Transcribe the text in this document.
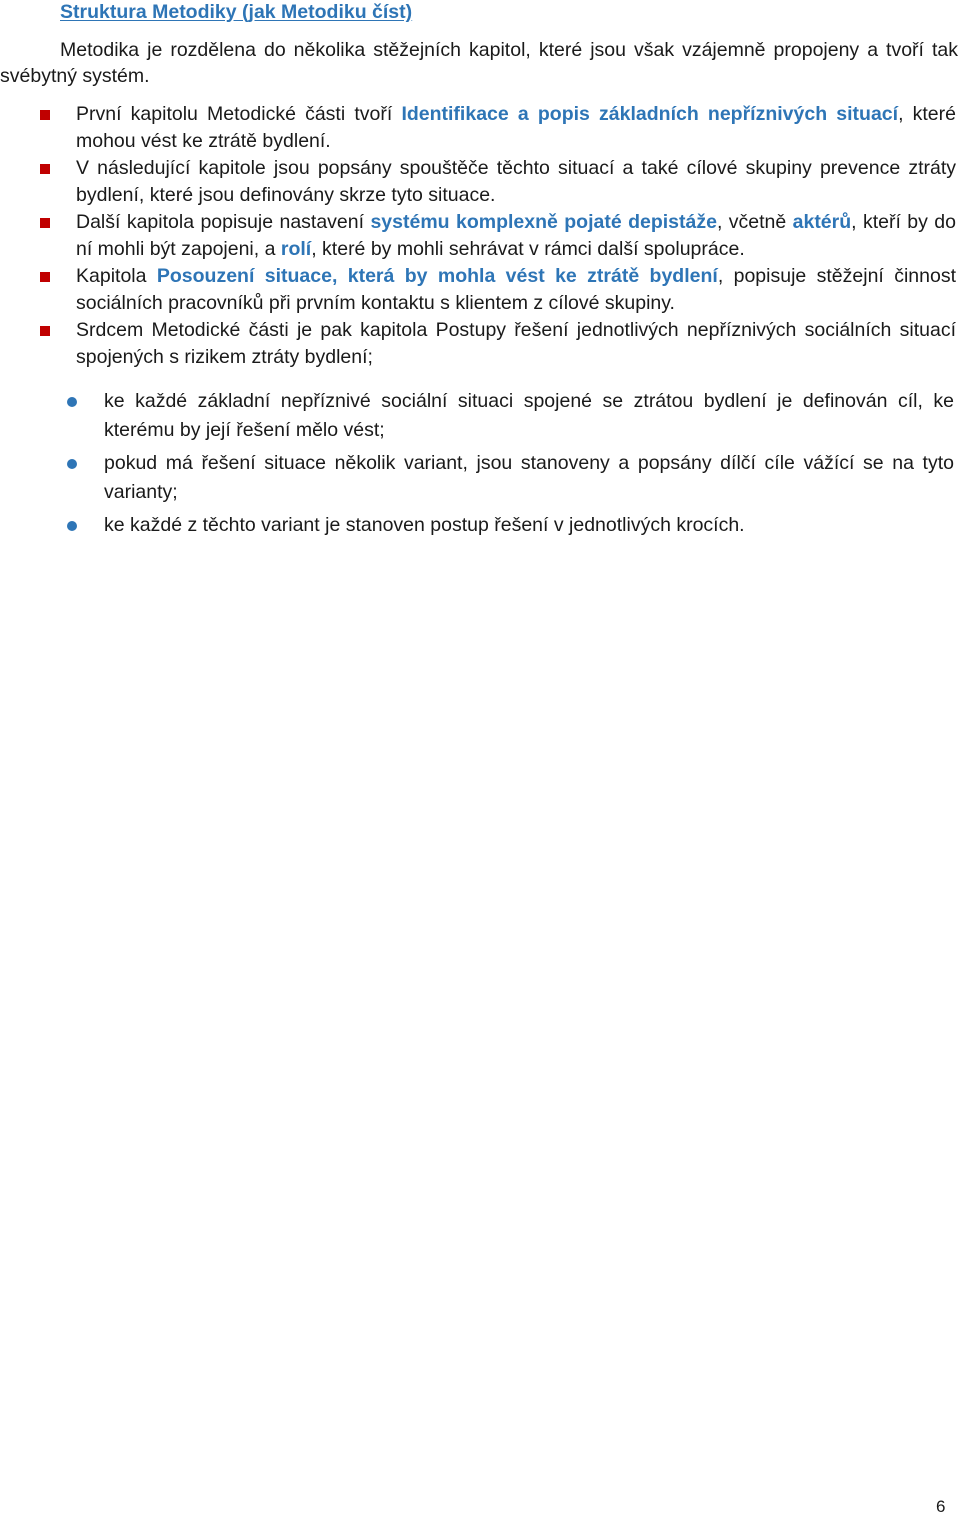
Struktura Metodiky (jak Metodiku číst)

Metodika je rozdělena do několika stěžejních kapitol, které jsou však vzájemně propojeny a tvoří tak svébytný systém.

První kapitolu Metodické části tvoří Identifikace a popis základních nepříznivých situací, které mohou vést ke ztrátě bydlení.
V následující kapitole jsou popsány spouštěče těchto situací a také cílové skupiny prevence ztráty bydlení, které jsou definovány skrze tyto situace.
Další kapitola popisuje nastavení systému komplexně pojaté depistáže, včetně aktérů, kteří by do ní mohli být zapojeni, a rolí, které by mohli sehrávat v rámci další spolupráce.
Kapitola Posouzení situace, která by mohla vést ke ztrátě bydlení, popisuje stěžejní činnost sociálních pracovníků při prvním kontaktu s klientem z cílové skupiny.
Srdcem Metodické části je pak kapitola Postupy řešení jednotlivých nepříznivých sociálních situací spojených s rizikem ztráty bydlení;
ke každé základní nepříznivé sociální situaci spojené se ztrátou bydlení je definován cíl, ke kterému by její řešení mělo vést;
pokud má řešení situace několik variant, jsou stanoveny a popsány dílčí cíle vážící se na tyto varianty;
ke každé z těchto variant je stanoven postup řešení v jednotlivých krocích.
6
